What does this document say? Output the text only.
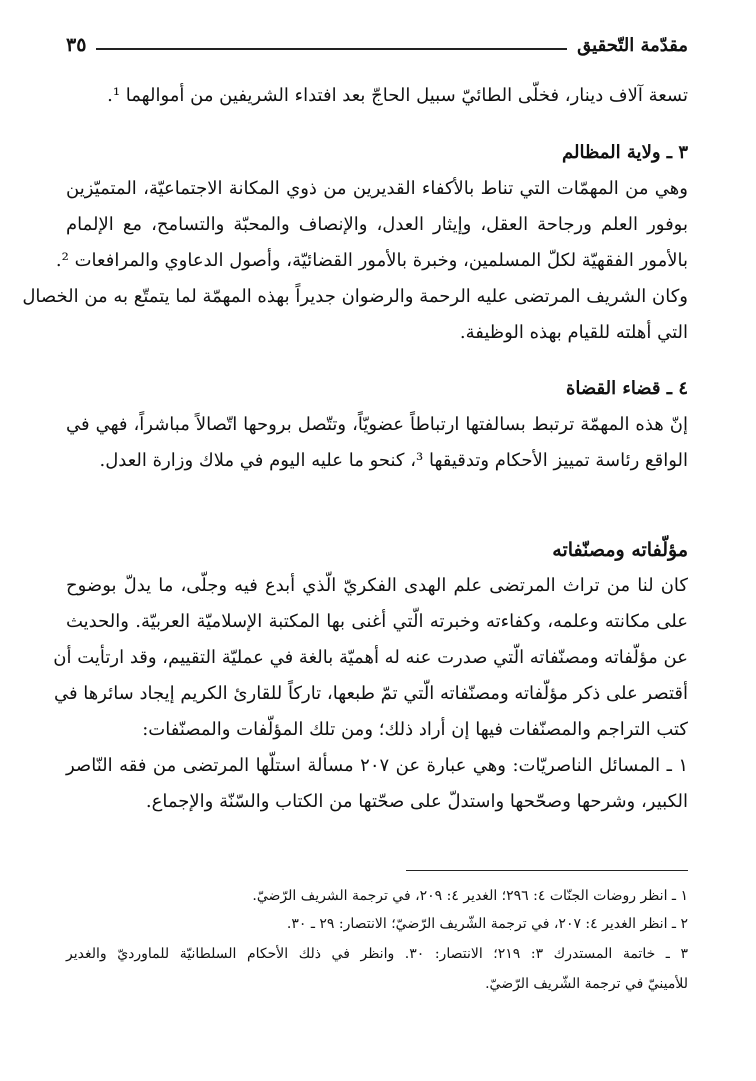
مقدّمة التّحقيق
٣٥
تسعة آلاف دينار، فخلّى الطائيّ سبيل الحاجّ بعد افتداء الشريفين من أموالهما ¹.
٣ ـ ولاية المظالم
وهي من المهمّات التي تناط بالأكفاء القديرين من ذوي المكانة الاجتماعيّة، المتميّزين
بوفور العلم ورجاحة العقل، وإيثار العدل، والإنصاف والمحبّة والتسامح، مع الإلمام
بالأمور الفقهيّة لكلّ المسلمين، وخبرة بالأمور القضائيّة، وأصول الدعاوي والمرافعات ².
وكان الشريف المرتضى عليه الرحمة والرضوان جديراً بهذه المهمّة لما يتمتّع به من الخصال
التي أهلته للقيام بهذه الوظيفة.
٤ ـ قضاء القضاة
إنّ هذه المهمّة ترتبط بسالفتها ارتباطاً عضويّاً، وتتّصل بروحها اتّصالاً مباشراً، فهي في
الواقع رئاسة تمييز الأحكام وتدقيقها ³، كنحو ما عليه اليوم في ملاك وزارة العدل.
مؤلّفاته ومصنّفاته
كان لنا من تراث المرتضى علم الهدى الفكريّ الّذي أبدع فيه وجلّى، ما يدلّ بوضوح
على مكانته وعلمه، وكفاءته وخبرته الّتي أغنى بها المكتبة الإسلاميّة العربيّة. والحديث
عن مؤلّفاته ومصنّفاته الّتي صدرت عنه له أهميّة بالغة في عمليّة التقييم، وقد ارتأيت أن
أقتصر على ذكر مؤلّفاته ومصنّفاته الّتي تمّ طبعها، تاركاً للقارئ الكريم إيجاد سائرها في
كتب التراجم والمصنّفات فيها إن أراد ذلك؛ ومن تلك المؤلّفات والمصنّفات:
١ ـ المسائل الناصريّات: وهي عبارة عن ٢٠٧ مسألة استلّها المرتضى من فقه النّاصر
الكبير، وشرحها وصحّحها واستدلّ على صحّتها من الكتاب والسّنّة والإجماع.
١ ـ انظر روضات الجنّات ٤: ٢٩٦؛ الغدير ٤: ٢٠٩، في ترجمة الشريف الرّضيّ.
٢ ـ انظر الغدير ٤: ٢٠٧، في ترجمة الشّريف الرّضيّ؛ الانتصار: ٢٩ ـ ٣٠.
٣ ـ خاتمة المستدرك ٣: ٢١٩؛ الانتصار: ٣٠. وانظر في ذلك الأحكام السلطانيّة للماورديّ والغدير
للأمينيّ في ترجمة الشّريف الرّضيّ.
